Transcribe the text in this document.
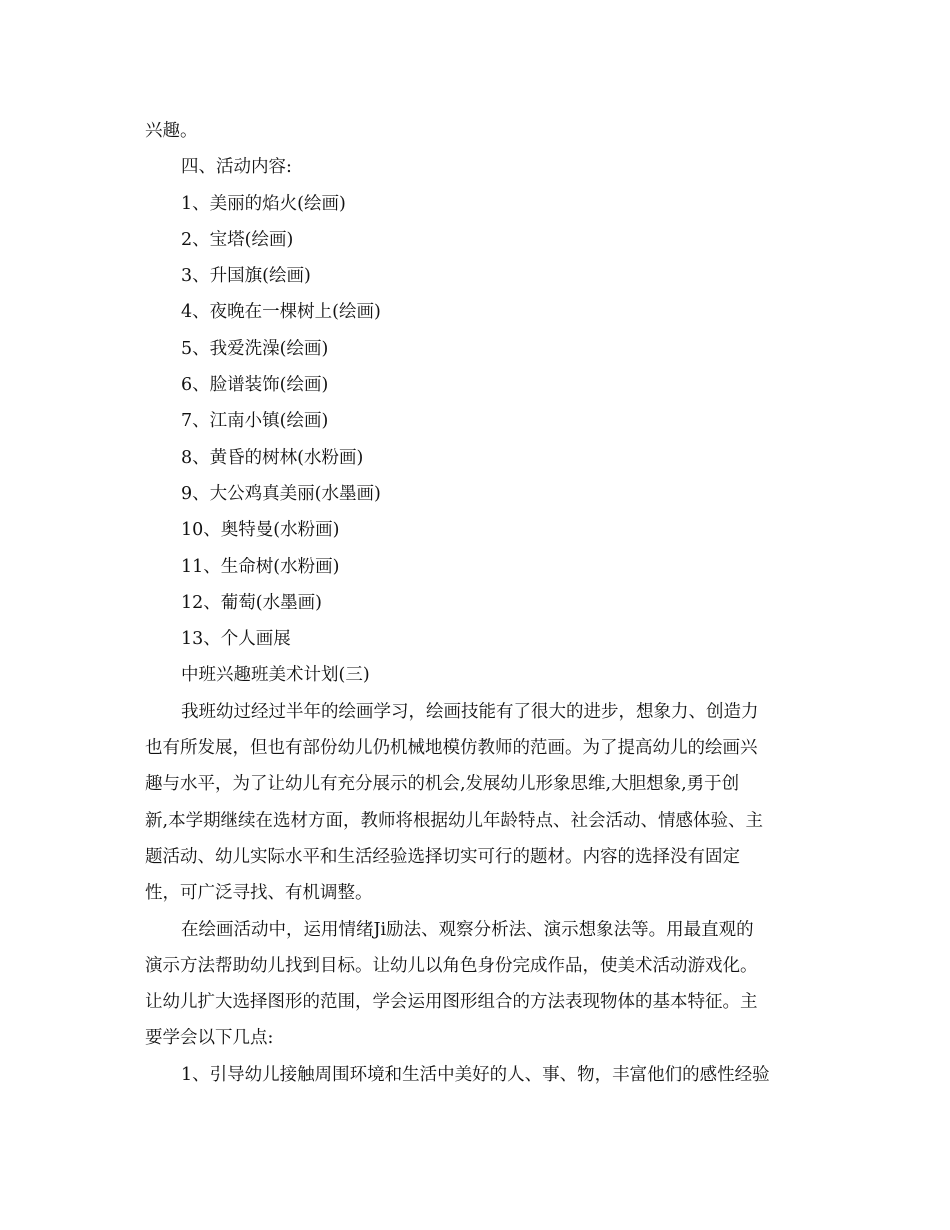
兴趣。
四、活动内容:
1、美丽的焰火(绘画)
2、宝塔(绘画)
3、升国旗(绘画)
4、夜晚在一棵树上(绘画)
5、我爱洗澡(绘画)
6、脸谱装饰(绘画)
7、江南小镇(绘画)
8、黄昏的树林(水粉画)
9、大公鸡真美丽(水墨画)
10、奥特曼(水粉画)
11、生命树(水粉画)
12、葡萄(水墨画)
13、个人画展
中班兴趣班美术计划(三)
我班幼过经过半年的绘画学习，绘画技能有了很大的进步，想象力、创造力
也有所发展，但也有部份幼儿仍机械地模仿教师的范画。为了提高幼儿的绘画兴
趣与水平，为了让幼儿有充分展示的机会,发展幼儿形象思维,大胆想象,勇于创
新,本学期继续在选材方面，教师将根据幼儿年龄特点、社会活动、情感体验、主
题活动、幼儿实际水平和生活经验选择切实可行的题材。内容的选择没有固定
性，可广泛寻找、有机调整。
在绘画活动中，运用情绪Ji励法、观察分析法、演示想象法等。用最直观的
演示方法帮助幼儿找到目标。让幼儿以角色身份完成作品，使美术活动游戏化。
让幼儿扩大选择图形的范围，学会运用图形组合的方法表现物体的基本特征。主
要学会以下几点:
1、引导幼儿接触周围环境和生活中美好的人、事、物，丰富他们的感性经验
